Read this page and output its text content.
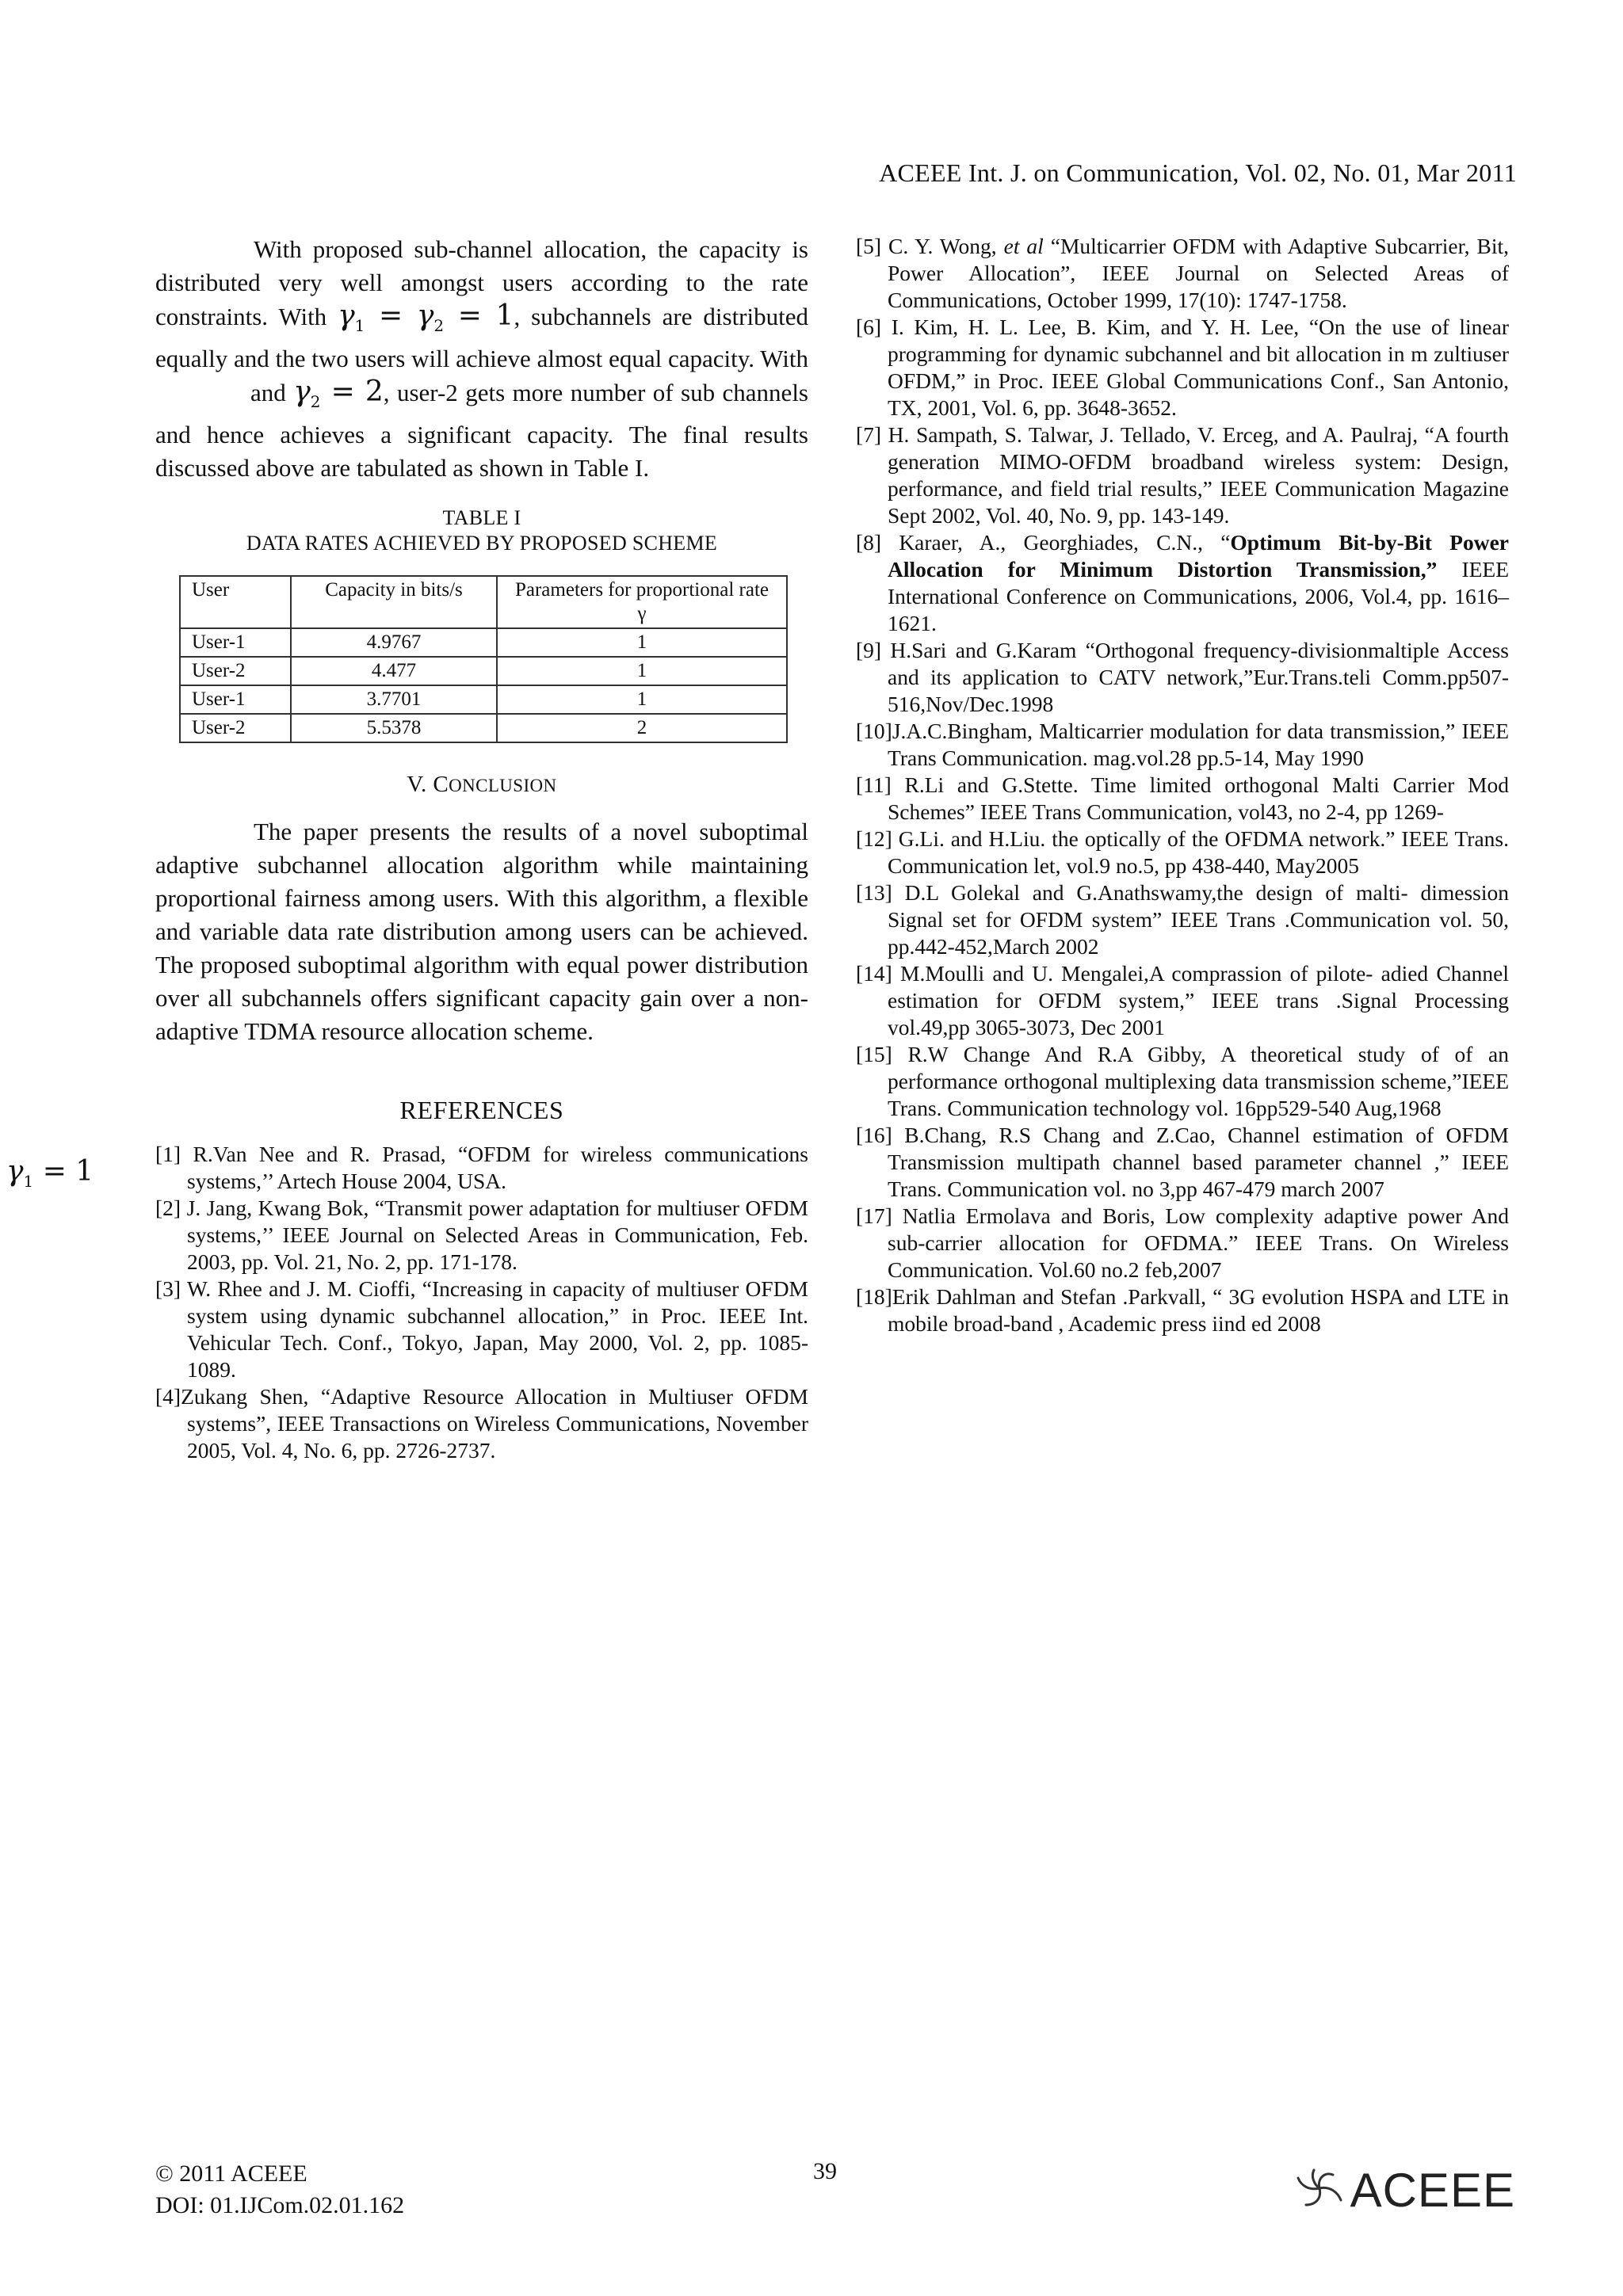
ACEEE Int. J. on Communication, Vol. 02, No. 01, Mar 2011

With proposed sub-channel allocation, the capacity is distributed very well amongst users according to the rate constraints. With $\gamma_1 = \gamma_2 = 1$, subchannels are distributed equally and the two users will achieve almost equal capacity. With and $\gamma_2 = 2$, user-2 gets more number of sub channels and hence achieves a significant capacity. The final results discussed above are tabulated as shown in Table I.

TABLE I
DATA RATES ACHIEVED BY PROPOSED SCHEME
User	Capacity in bits/s	Parameters for proportional rate γ
User-1	4.9767	1
User-2	4.477	1
User-1	3.7701	1
User-2	5.5378	2
V. CONCLUSION

The paper presents the results of a novel suboptimal adaptive subchannel allocation algorithm while maintaining proportional fairness among users. With this algorithm, a flexible and variable data rate distribution among users can be achieved. The proposed suboptimal algorithm with equal power distribution over all subchannels offers significant capacity gain over a non-adaptive TDMA resource allocation scheme.

REFERENCES

[1] R.Van Nee and R. Prasad, “OFDM for wireless communications systems,’’ Artech House 2004, USA.

[2] J. Jang, Kwang Bok, “Transmit power adaptation for multiuser OFDM systems,’’ IEEE Journal on Selected Areas in Communication, Feb. 2003, pp. Vol. 21, No. 2, pp. 171-178.

[3] W. Rhee and J. M. Cioffi, “Increasing in capacity of multiuser OFDM system using dynamic subchannel allocation,” in Proc. IEEE Int. Vehicular Tech. Conf., Tokyo, Japan, May 2000, Vol. 2, pp. 1085-1089.

[4]Zukang Shen, “Adaptive Resource Allocation in Multiuser OFDM systems”, IEEE Transactions on Wireless Communications, November 2005, Vol. 4, No. 6, pp. 2726-2737.

[5] C. Y. Wong, et al “Multicarrier OFDM with Adaptive Subcarrier, Bit, Power Allocation”, IEEE Journal on Selected Areas of Communications, October 1999, 17(10): 1747-1758.

[6] I. Kim, H. L. Lee, B. Kim, and Y. H. Lee, “On the use of linear programming for dynamic subchannel and bit allocation in m zultiuser OFDM,” in Proc. IEEE Global Communications Conf., San Antonio, TX, 2001, Vol. 6, pp. 3648-3652.

[7] H. Sampath, S. Talwar, J. Tellado, V. Erceg, and A. Paulraj, “A fourth generation MIMO-OFDM broadband wireless system: Design, performance, and field trial results,” IEEE Communication Magazine Sept 2002, Vol. 40, No. 9, pp. 143-149.

[8] Karaer, A., Georghiades, C.N., “Optimum Bit-by-Bit Power Allocation for Minimum Distortion Transmission,” IEEE International Conference on Communications, 2006, Vol.4, pp. 1616–1621.

[9] H.Sari and G.Karam “Orthogonal frequency-divisionmaltiple Access and its application to CATV network,”Eur.Trans.teli Comm.pp507-516,Nov/Dec.1998

[10]J.A.C.Bingham, Malticarrier modulation for data transmission,” IEEE Trans Communication. mag.vol.28 pp.5-14, May 1990

[11] R.Li and G.Stette. Time limited orthogonal Malti Carrier Mod Schemes” IEEE Trans Communication, vol43, no 2-4, pp 1269-

[12] G.Li. and H.Liu. the optically of the OFDMA network.” IEEE Trans. Communication let, vol.9 no.5, pp 438-440, May2005

[13] D.L Golekal and G.Anathswamy,the design of malti- dimession Signal set for OFDM system” IEEE Trans .Communication vol. 50, pp.442-452,March 2002

[14] M.Moulli and U. Mengalei,A comprassion of pilote- adied Channel estimation for OFDM system,” IEEE trans .Signal Processing vol.49,pp 3065-3073, Dec 2001

[15] R.W Change And R.A Gibby, A theoretical study of of an performance orthogonal multiplexing data transmission scheme,”IEEE Trans. Communication technology vol. 16pp529-540 Aug,1968

[16] B.Chang, R.S Chang and Z.Cao, Channel estimation of OFDM Transmission multipath channel based parameter channel ,” IEEE Trans. Communication vol. no 3,pp 467-479 march 2007

[17] Natlia Ermolava and Boris, Low complexity adaptive power And sub-carrier allocation for OFDMA.” IEEE Trans. On Wireless Communication. Vol.60 no.2 feb,2007

[18]Erik Dahlman and Stefan .Parkvall, “ 3G evolution HSPA and LTE in mobile broad-band , Academic press iind ed 2008

$\gamma_1 = 1$
© 2011 ACEEE
DOI: 01.IJCom.02.01.162
39	ACEEE
